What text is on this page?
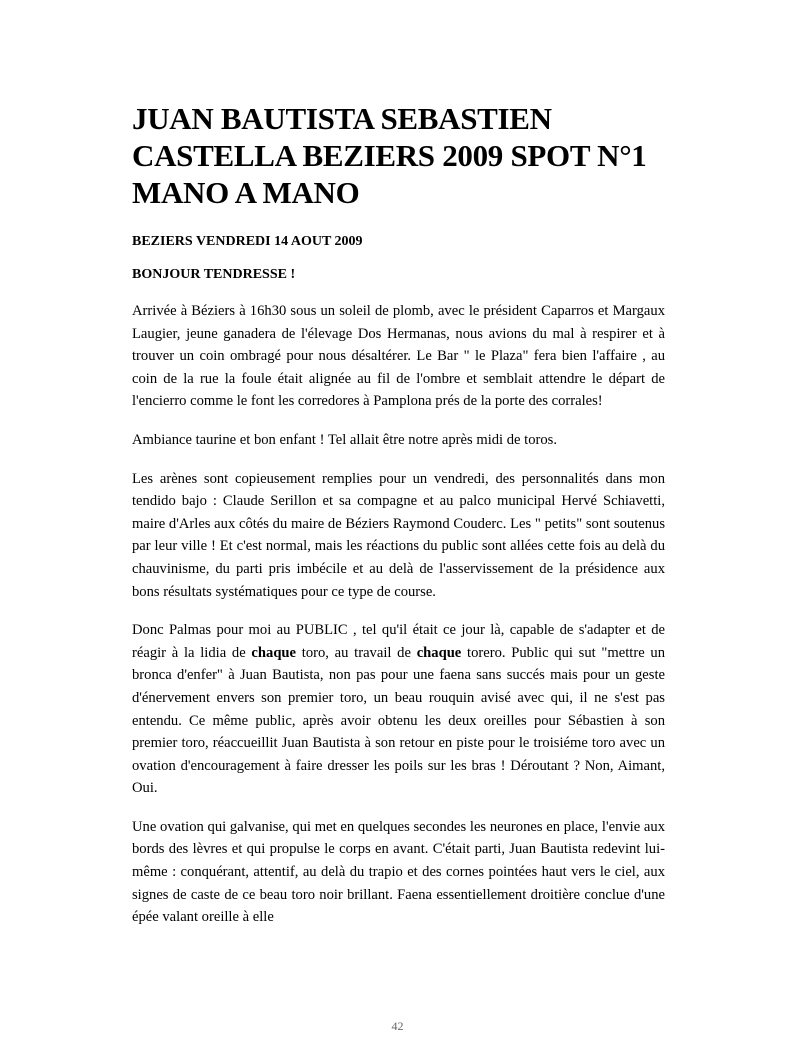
JUAN BAUTISTA SEBASTIEN CASTELLA BEZIERS 2009 SPOT N°1 MANO A MANO

BEZIERS VENDREDI 14 AOUT 2009

BONJOUR TENDRESSE !

Arrivée à Béziers à 16h30 sous un soleil de plomb, avec le président Caparros et Margaux Laugier, jeune ganadera de l'élevage Dos Hermanas, nous avions du mal à respirer et à trouver un coin ombragé pour nous désaltérer. Le Bar " le Plaza" fera bien l'affaire , au coin de la rue la foule était alignée au fil de l'ombre et semblait attendre le départ de l'encierro comme le font les corredores à Pamplona prés de la porte des corrales!

Ambiance taurine et bon enfant ! Tel allait être notre après midi de toros.

Les arènes sont copieusement remplies pour un vendredi, des personnalités dans mon tendido bajo : Claude Serillon et sa compagne et au palco municipal Hervé Schiavetti, maire d'Arles aux côtés du maire de Béziers Raymond Couderc. Les " petits" sont soutenus par leur ville ! Et c'est normal, mais les réactions du public sont allées cette fois au delà du chauvinisme, du parti pris imbécile et au delà de l'asservissement de la présidence aux bons résultats systématiques pour ce type de course.

Donc Palmas pour moi au PUBLIC , tel qu'il était ce jour là, capable de s'adapter et de réagir à la lidia de chaque toro, au travail de chaque torero. Public qui sut "mettre un bronca d'enfer" à Juan Bautista, non pas pour une faena sans succés mais pour un geste d'énervement envers son premier toro, un beau rouquin avisé avec qui, il ne s'est pas entendu. Ce même public, après avoir obtenu les deux oreilles pour Sébastien à son premier toro, réaccueillit Juan Bautista à son retour en piste pour le troisiéme toro avec un ovation d'encouragement à faire dresser les poils sur les bras ! Déroutant ? Non, Aimant, Oui.

Une ovation qui galvanise, qui met en quelques secondes les neurones en place, l'envie aux bords des lèvres et qui propulse le corps en avant. C'était parti, Juan Bautista redevint lui-même : conquérant, attentif, au delà du trapio et des cornes pointées haut vers le ciel, aux signes de caste de ce beau toro noir brillant. Faena essentiellement droitière conclue d'une épée valant oreille à elle

42
